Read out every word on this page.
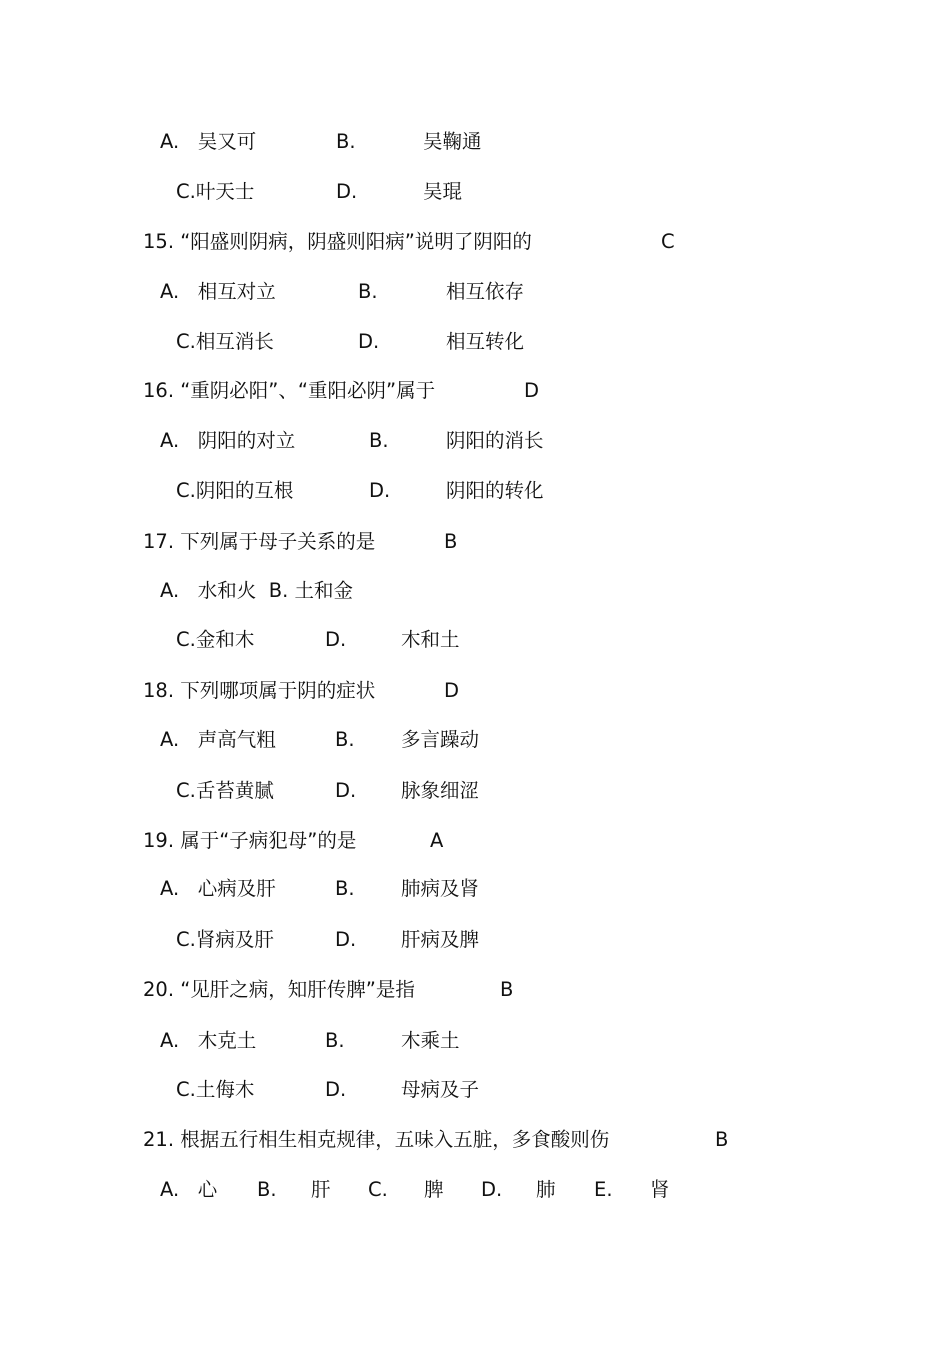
A.   吴又可	B.	吴鞠通
C.叶天士	D.	吴琨
15. “阳盛则阴病，阴盛则阳病”说明了阴阳的	C
A.   相互对立	B.	相互依存
C.相互消长	D.	相互转化
16. “重阴必阳”、“重阳必阴”属于	D
A.   阴阳的对立	B.	阴阳的消长
C.阴阳的互根	D.	阴阳的转化
17. 下列属于母子关系的是	B
A.   水和火  B. 土和金
C.金和木	D.	木和土
18. 下列哪项属于阴的症状	D
A.   声高气粗	B. 多言躁动
C.舌苔黄腻	D. 脉象细涩
19. 属于“子病犯母”的是	A
A.   心病及肝	B. 肺病及肾
C.肾病及肝	D. 肝病及脾
20. “见肝之病，知肝传脾”是指	B
A.   木克土	B.	木乘土
C.土侮木	D.	母病及子
21. 根据五行相生相克规律，五味入五脏，多食酸则伤	B
A.   心 B. 肝 C. 脾 D. 肺 E. 肾
